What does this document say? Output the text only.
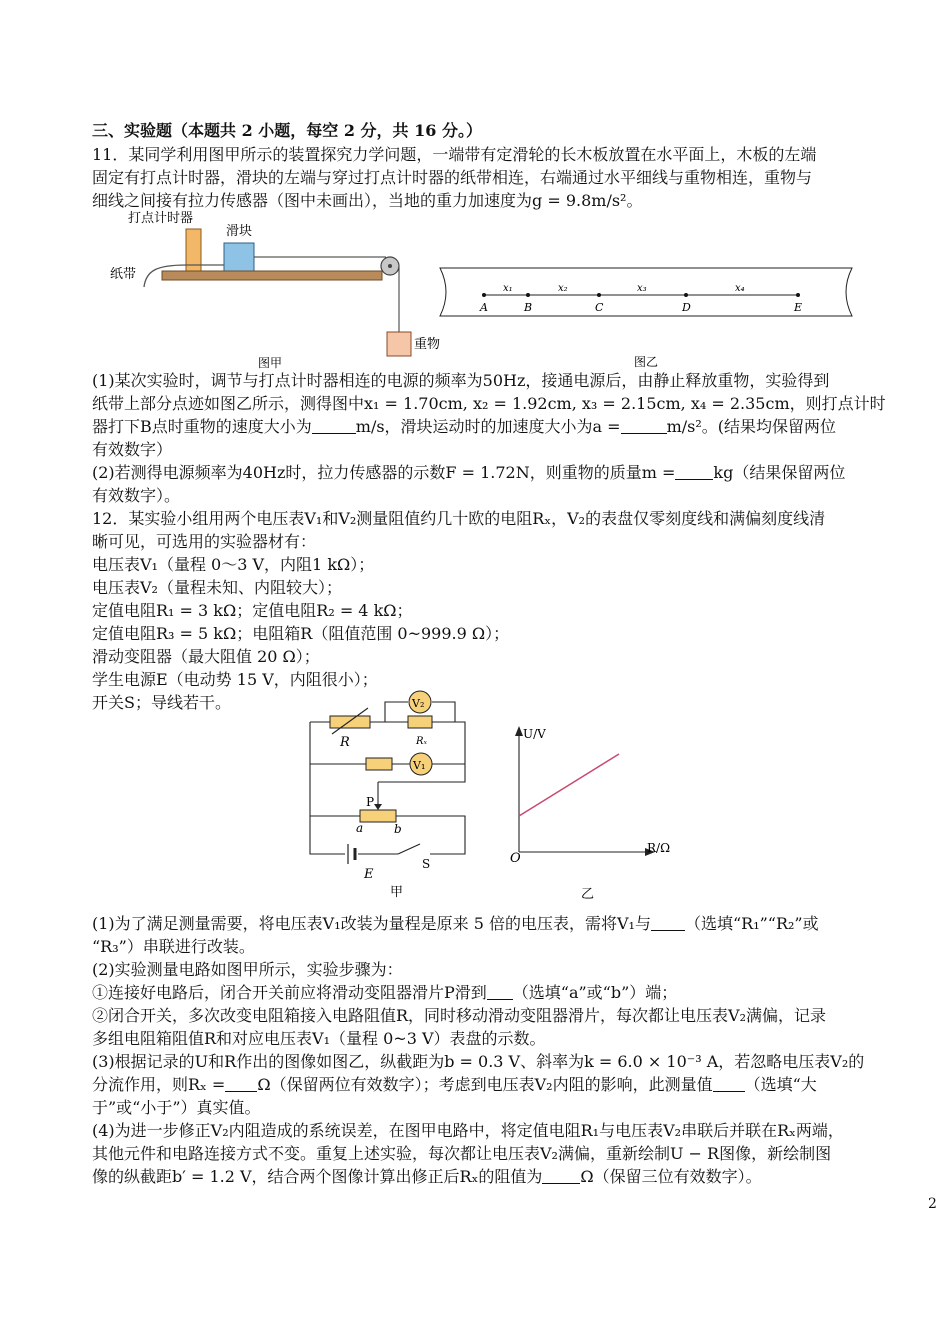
三、实验题（本题共 2 小题，每空 2 分，共 16 分。）
11．某同学利用图甲所示的装置探究力学问题，一端带有定滑轮的长木板放置在水平面上，木板的左端
固定有打点计时器，滑块的左端与穿过打点计时器的纸带相连，右端通过水平细线与重物相连，重物与
细线之间接有拉力传感器（图中未画出），当地的重力加速度为g = 9.8m/s²。
打点计时器
滑块
纸带
重物
图甲
A	B	C	D	E
x₁	x₂	x₃	x₄
图乙
(1)某次实验时，调节与打点计时器相连的电源的频率为50Hz，接通电源后，由静止释放重物，实验得到
纸带上部分点迹如图乙所示，测得图中x₁ = 1.70cm, x₂ = 1.92cm, x₃ = 2.15cm, x₄ = 2.35cm，则打点计时
器打下B点时重物的速度大小为	m/s，滑块运动时的加速度大小为a =	m/s²。(结果均保留两位
有效数字）
(2)若测得电源频率为40Hz时，拉力传感器的示数F = 1.72N，则重物的质量m = kg（结果保留两位
有效数字）。
12．某实验小组用两个电压表V₁和V₂测量阻值约几十欧的电阻Rₓ，V₂的表盘仅零刻度线和满偏刻度线清
晰可见，可选用的实验器材有：
电压表V₁（量程 0～3 V，内阻1 kΩ）；
电压表V₂（量程未知、内阻较大）；
定值电阻R₁ = 3 kΩ；定值电阻R₂ = 4 kΩ；
定值电阻R₃ = 5 kΩ；电阻箱R（阻值范围 0~999.9 Ω）；
滑动变阻器（最大阻值 20 Ω）；
学生电源E（电动势 15 V，内阻很小）；
开关S；导线若干。
R	Rₓ
V₂
V₁
P
a	b
E
S
甲
U/V
R/Ω
O
乙
(1)为了满足测量需要，将电压表V₁改装为量程是原来 5 倍的电压表，需将V₁与 （选填“R₁”“R₂”或
“R₃”）串联进行改装。
(2)实验测量电路如图甲所示，实验步骤为：
①连接好电路后，闭合开关前应将滑动变阻器滑片P滑到 （选填“a”或“b”）端；
②闭合开关，多次改变电阻箱接入电路阻值R，同时移动滑动变阻器滑片，每次都让电压表V₂满偏，记录
多组电阻箱阻值R和对应电压表V₁（量程 0~3 V）表盘的示数。
(3)根据记录的U和R作出的图像如图乙，纵截距为b = 0.3 V、斜率为k = 6.0 × 10⁻³ A，若忽略电压表V₂的
分流作用，则Rₓ = Ω（保留两位有效数字）；考虑到电压表V₂内阻的影响，此测量值 （选填“大
于”或“小于”）真实值。
(4)为进一步修正V₂内阻造成的系统误差，在图甲电路中，将定值电阻R₁与电压表V₂串联后并联在Rₓ两端，
其他元件和电路连接方式不变。重复上述实验，每次都让电压表V₂满偏，重新绘制U − R图像，新绘制图
像的纵截距b′ = 1.2 V，结合两个图像计算出修正后Rₓ的阻值为 Ω（保留三位有效数字）。
2
